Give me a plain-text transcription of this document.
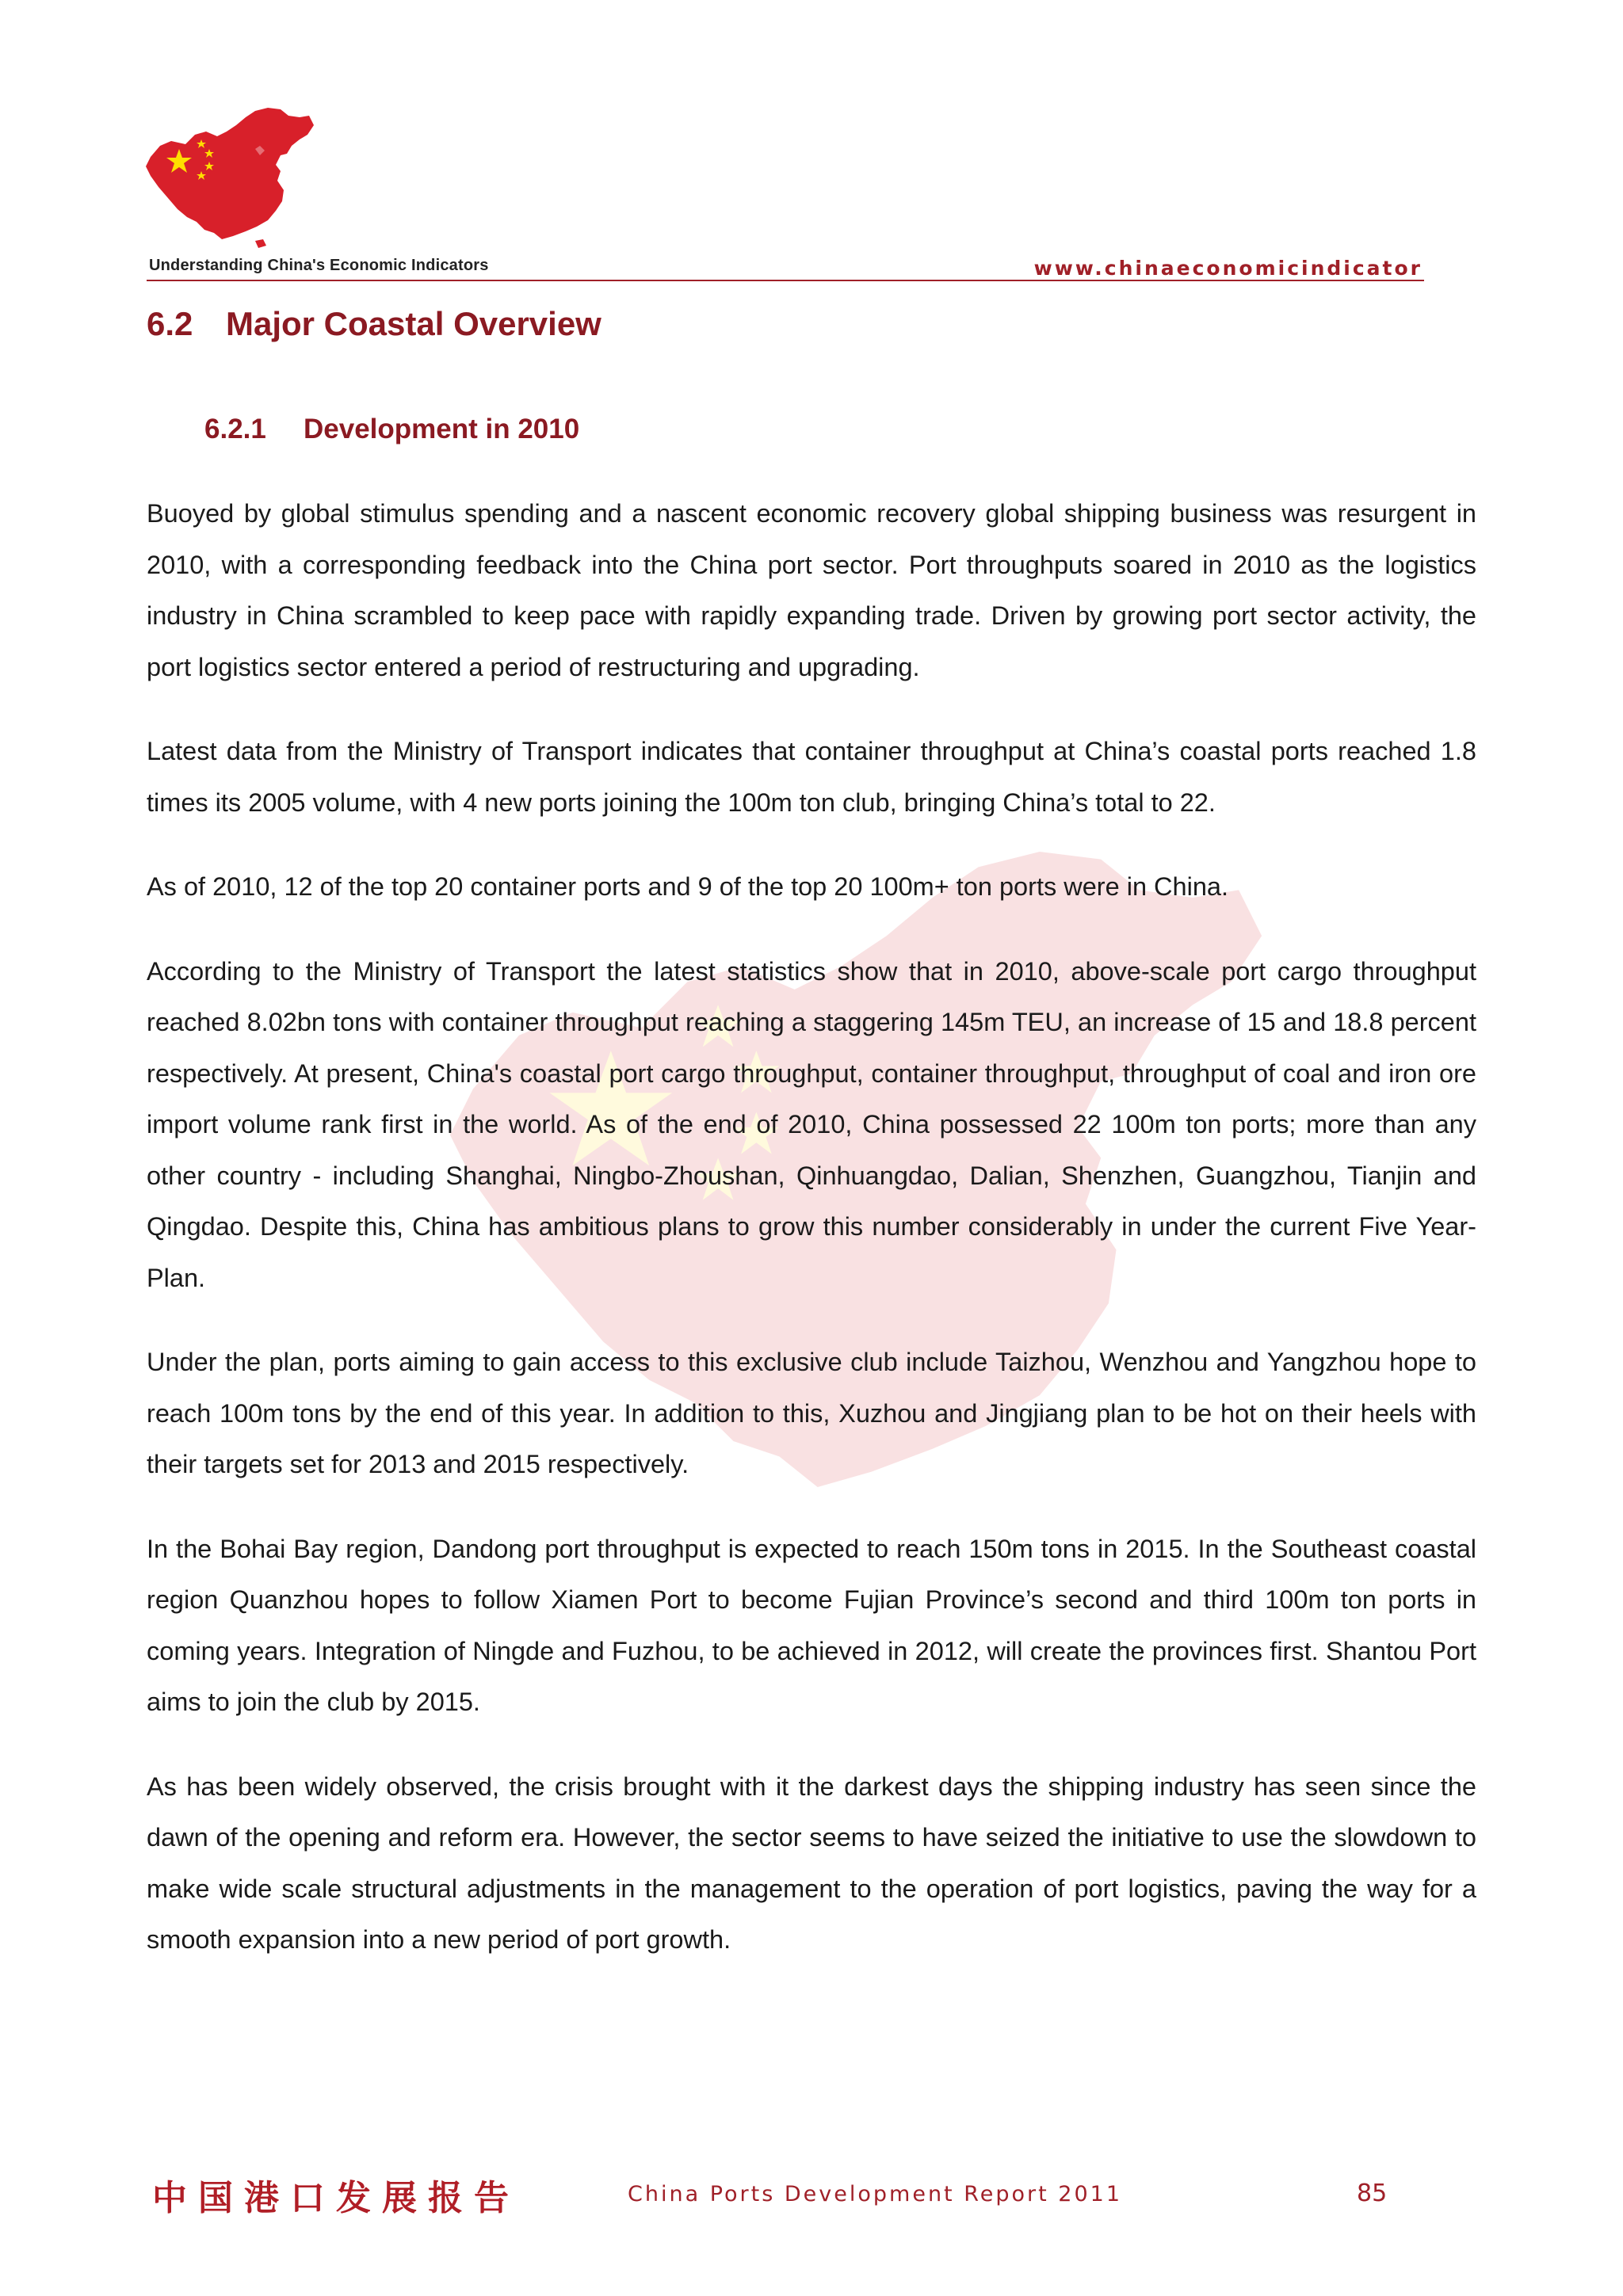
Understanding China's Economic Indicators	www.chinaeconomicindicator
6.2 Major Coastal Overview
6.2.1 Development in 2010

Buoyed by global stimulus spending and a nascent economic recovery global shipping business was resurgent in 2010, with a corresponding feedback into the China port sector. Port throughputs soared in 2010 as the logistics industry in China scrambled to keep pace with rapidly expanding trade. Driven by growing port sector activity, the port logistics sector entered a period of restructuring and upgrading.

Latest data from the Ministry of Transport indicates that container throughput at China’s coastal ports reached 1.8 times its 2005 volume, with 4 new ports joining the 100m ton club, bringing China’s total to 22.

As of 2010, 12 of the top 20 container ports and 9 of the top 20 100m+ ton ports were in China.

According to the Ministry of Transport the latest statistics show that in 2010, above-scale port cargo throughput reached 8.02bn tons with container throughput reaching a staggering 145m TEU, an increase of 15 and 18.8 percent respectively. At present, China's coastal port cargo throughput, container throughput, throughput of coal and iron ore import volume rank first in the world. As of the end of 2010, China possessed 22 100m ton ports; more than any other country - including Shanghai, Ningbo-Zhoushan, Qinhuangdao, Dalian, Shenzhen, Guangzhou, Tianjin and Qingdao. Despite this, China has ambitious plans to grow this number considerably in under the current Five Year-Plan.

Under the plan, ports aiming to gain access to this exclusive club include Taizhou, Wenzhou and Yangzhou hope to reach 100m tons by the end of this year. In addition to this, Xuzhou and Jingjiang plan to be hot on their heels with their targets set for 2013 and 2015 respectively.

In the Bohai Bay region, Dandong port throughput is expected to reach 150m tons in 2015. In the Southeast coastal region Quanzhou hopes to follow Xiamen Port to become Fujian Province’s second and third 100m ton ports in coming years. Integration of Ningde and Fuzhou, to be achieved in 2012, will create the provinces first. Shantou Port aims to join the club by 2015.

As has been widely observed, the crisis brought with it the darkest days the shipping industry has seen since the dawn of the opening and reform era. However, the sector seems to have seized the initiative to use the slowdown to make wide scale structural adjustments in the management to the operation of port logistics, paving the way for a smooth expansion into a new period of port growth.

中国港口发展报告	China Ports Development Report 2011	85
